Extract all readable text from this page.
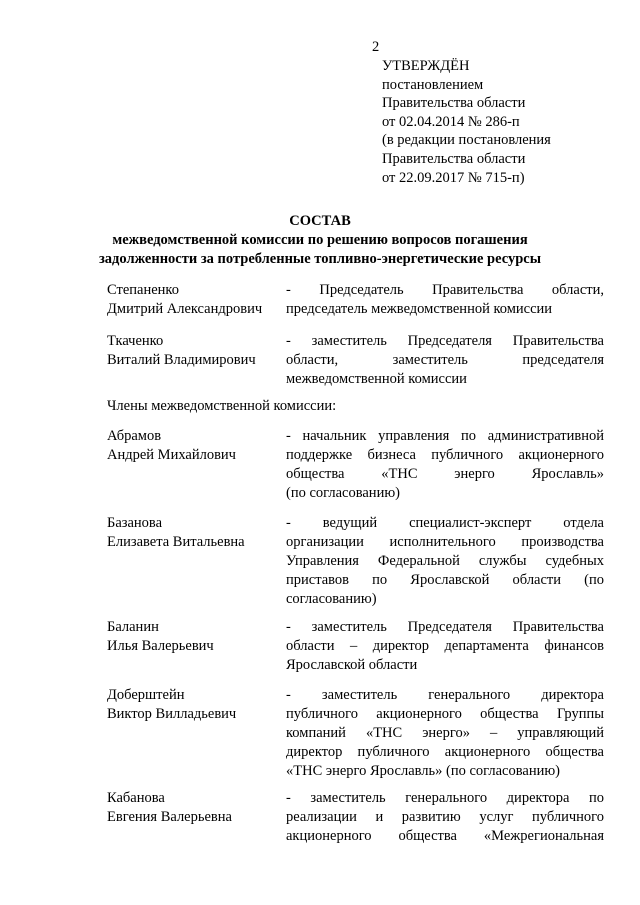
2
УТВЕРЖДЁН
постановлением
Правительства области
от 02.04.2014 № 286-п
(в редакции постановления
Правительства области
от 22.09.2017 № 715-п)
СОСТАВ
межведомственной комиссии по решению вопросов погашения
задолженности за потребленные топливно-энергетические ресурсы
Степаненко
Дмитрий Александрович
- Председатель Правительства области,
председатель межведомственной комиссии
Ткаченко
Виталий Владимирович
- заместитель Председателя Правительства
области, заместитель председателя
межведомственной комиссии
Члены межведомственной комиссии:
Абрамов
Андрей Михайлович
- начальник управления по административной
поддержке бизнеса публичного акционерного
общества «ТНС энерго Ярославль»
(по согласованию)
Базанова
Елизавета Витальевна
- ведущий специалист-эксперт отдела
организации исполнительного производства
Управления Федеральной службы судебных
приставов по Ярославской области (по
согласованию)
Баланин
Илья Валерьевич
- заместитель Председателя Правительства
области – директор департамента финансов
Ярославской области
Доберштейн
Виктор Вилладьевич
- заместитель генерального директора
публичного акционерного общества Группы
компаний «ТНС энерго» – управляющий
директор публичного акционерного общества
«ТНС энерго Ярославль» (по согласованию)
Кабанова
Евгения Валерьевна
- заместитель генерального директора по
реализации и развитию услуг публичного
акционерного общества «Межрегиональная
